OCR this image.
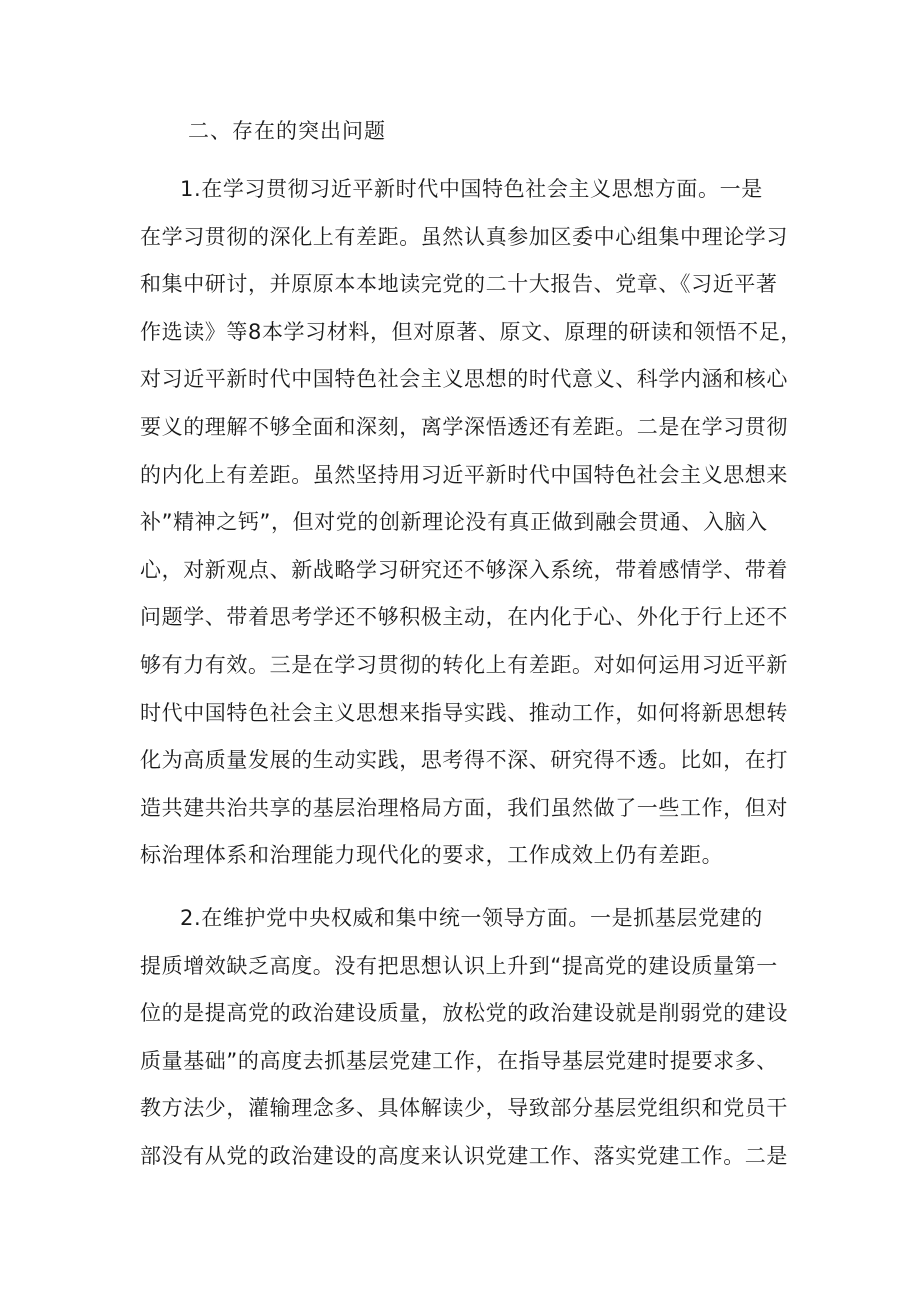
二、存在的突出问题
1.在学习贯彻习近平新时代中国特色社会主义思想方面。一是
在学习贯彻的深化上有差距。虽然认真参加区委中心组集中理论学习
和集中研讨，并原原本本地读完党的二十大报告、党章、《习近平著
作选读》等8本学习材料，但对原著、原文、原理的研读和领悟不足，
对习近平新时代中国特色社会主义思想的时代意义、科学内涵和核心
要义的理解不够全面和深刻，离学深悟透还有差距。二是在学习贯彻
的内化上有差距。虽然坚持用习近平新时代中国特色社会主义思想来
补”精神之钙”，但对党的创新理论没有真正做到融会贯通、入脑入
心，对新观点、新战略学习研究还不够深入系统，带着感情学、带着
问题学、带着思考学还不够积极主动，在内化于心、外化于行上还不
够有力有效。三是在学习贯彻的转化上有差距。对如何运用习近平新
时代中国特色社会主义思想来指导实践、推动工作，如何将新思想转
化为高质量发展的生动实践，思考得不深、研究得不透。比如，在打
造共建共治共享的基层治理格局方面，我们虽然做了一些工作，但对
标治理体系和治理能力现代化的要求，工作成效上仍有差距。
2.在维护党中央权威和集中统一领导方面。一是抓基层党建的
提质增效缺乏高度。没有把思想认识上升到“提高党的建设质量第一
位的是提高党的政治建设质量，放松党的政治建设就是削弱党的建设
质量基础”的高度去抓基层党建工作，在指导基层党建时提要求多、
教方法少，灌输理念多、具体解读少，导致部分基层党组织和党员干
部没有从党的政治建设的高度来认识党建工作、落实党建工作。二是
